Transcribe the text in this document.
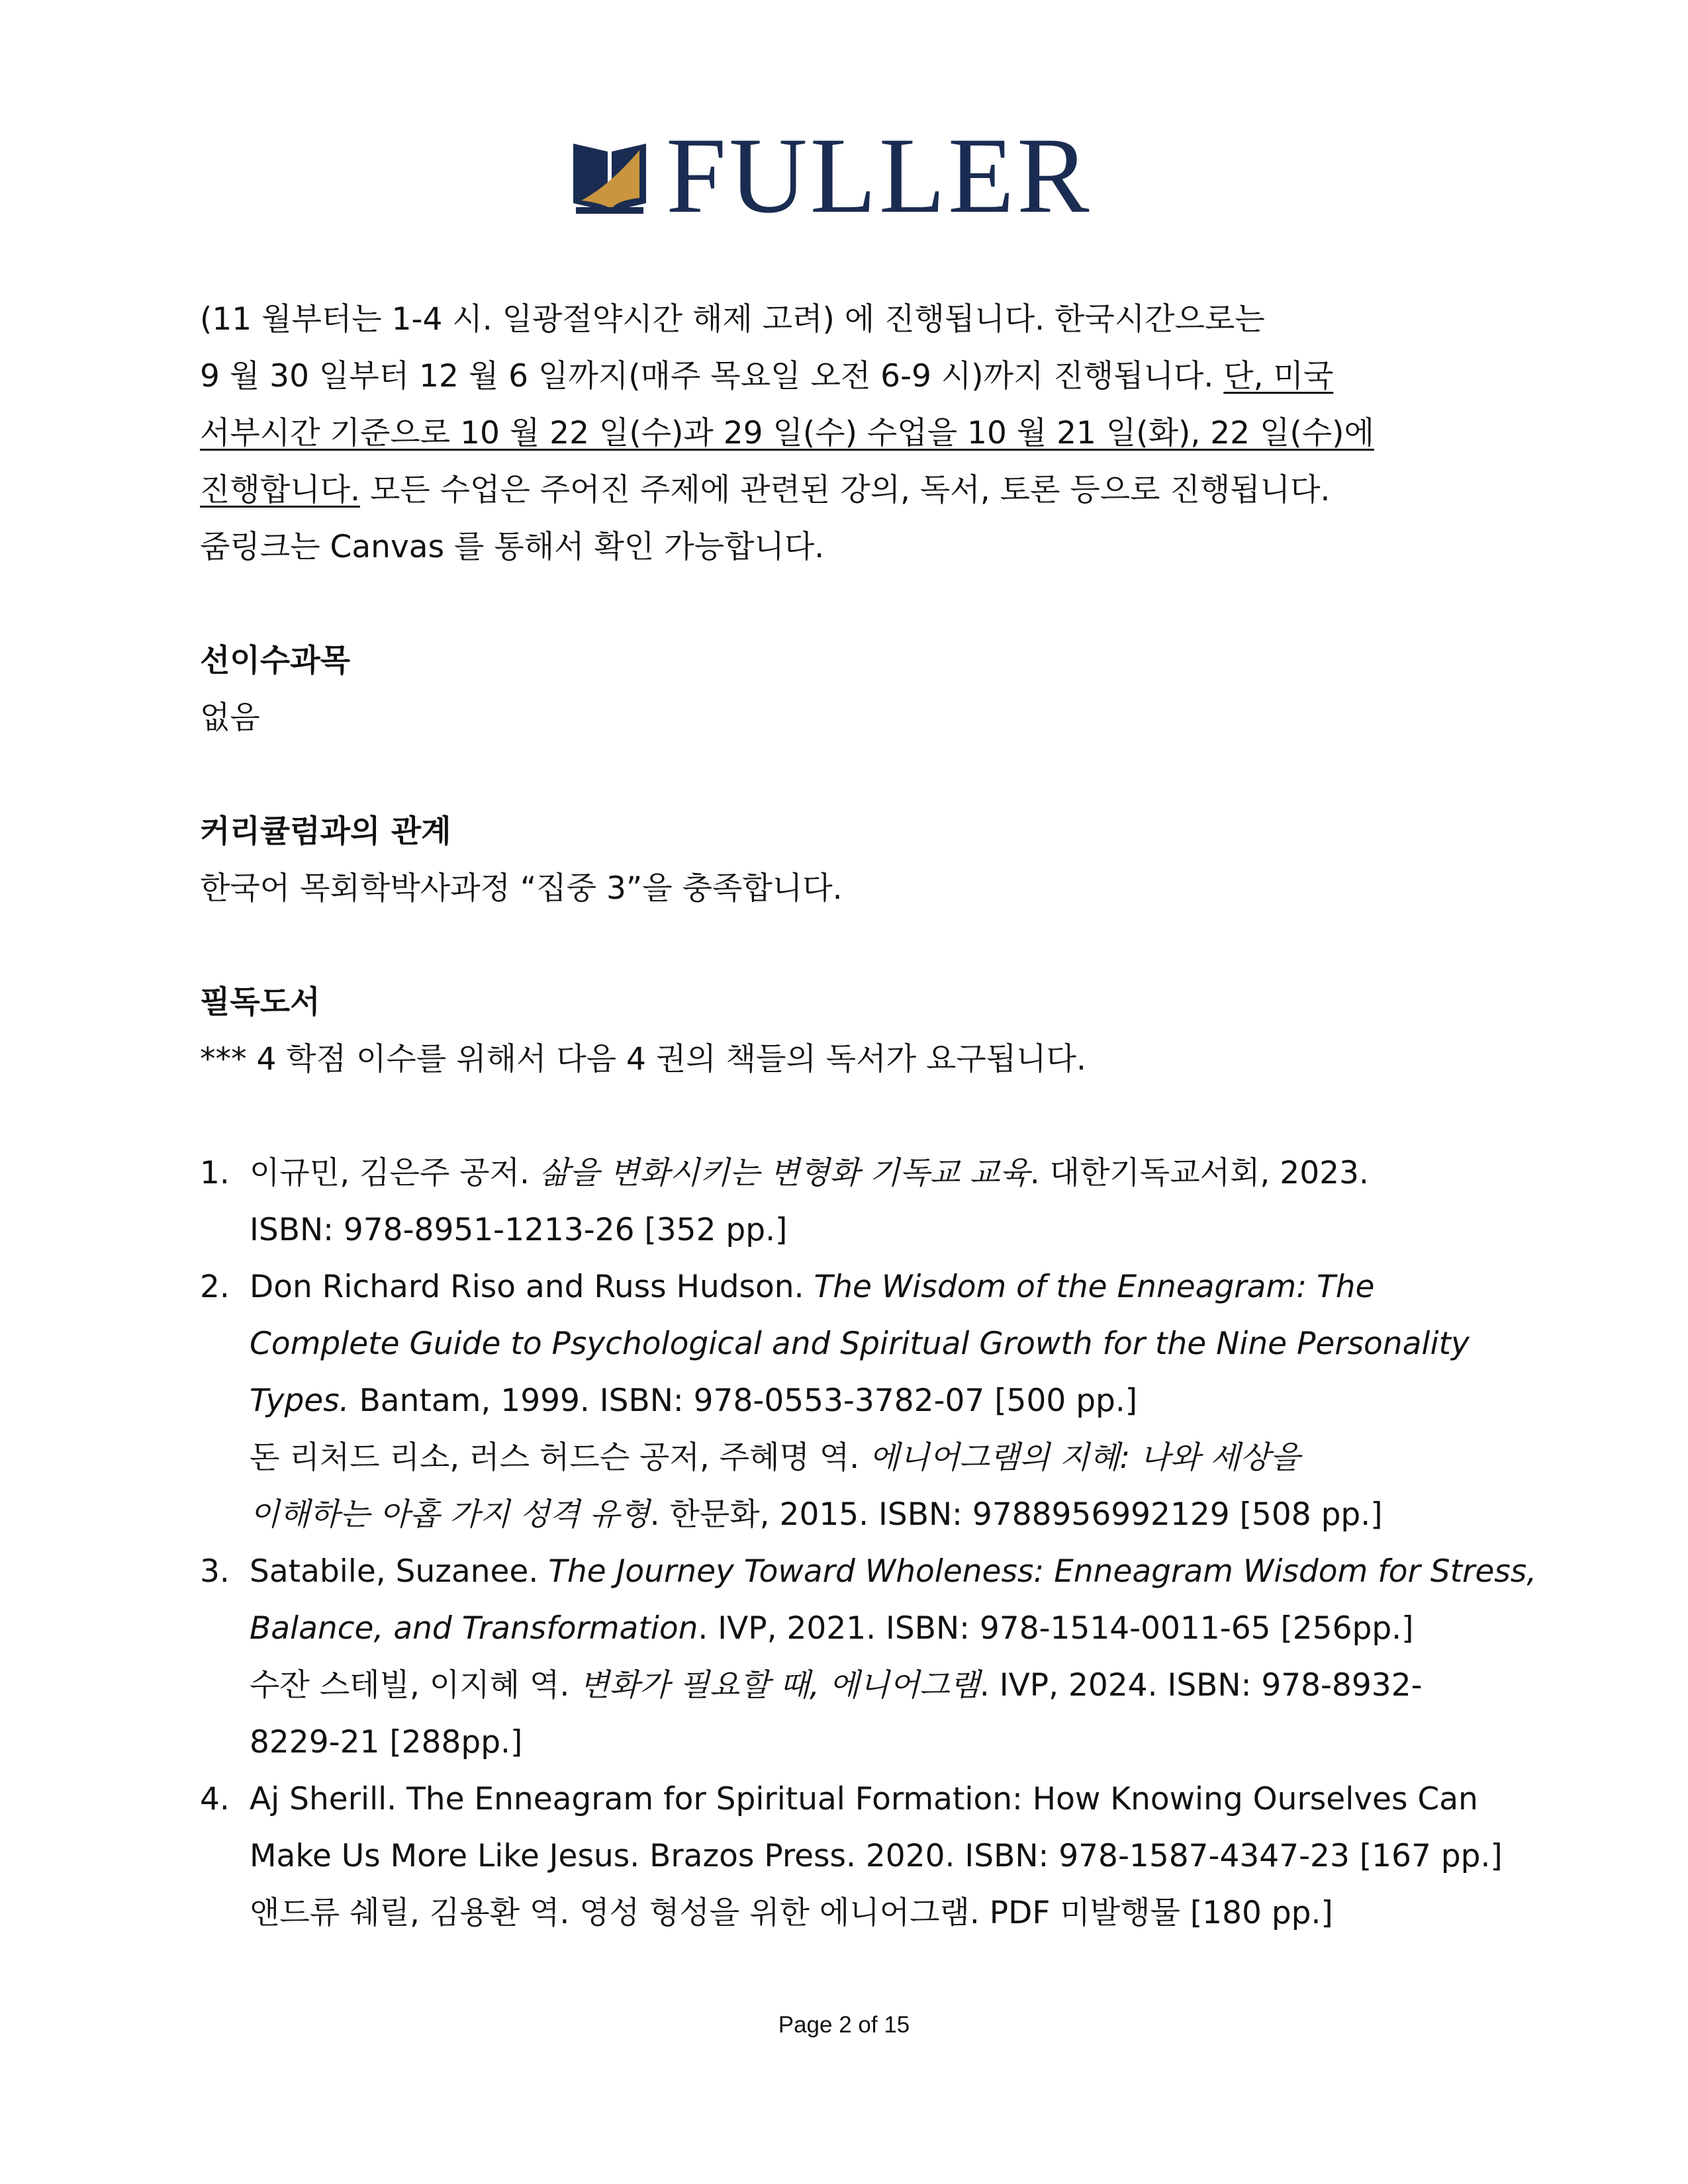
FULLER

(11 월부터는 1-4 시. 일광절약시간 해제 고려) 에 진행됩니다. 한국시간으로는

9 월 30 일부터 12 월 6 일까지(매주 목요일 오전 6-9 시)까지 진행됩니다. 단, 미국

서부시간 기준으로 10 월 22 일(수)과 29 일(수) 수업을 10 월 21 일(화), 22 일(수)에

진행합니다. 모든 수업은 주어진 주제에 관련된 강의, 독서, 토론 등으로 진행됩니다.

줌링크는 Canvas 를 통해서 확인 가능합니다.

선이수과목

없음

커리큘럼과의 관계

한국어 목회학박사과정 “집중 3”을 충족합니다.

필독도서

*** 4 학점 이수를 위해서 다음 4 권의 책들의 독서가 요구됩니다.

1. 이규민, 김은주 공저. 삶을 변화시키는 변형화 기독교 교육. 대한기독교서회, 2023.
ISBN: 978-8951-1213-26 [352 pp.]
2. Don Richard Riso and Russ Hudson. The Wisdom of the Enneagram: The
Complete Guide to Psychological and Spiritual Growth for the Nine Personality
Types. Bantam, 1999. ISBN: 978-0553-3782-07 [500 pp.]
돈 리처드 리소, 러스 허드슨 공저, 주혜명 역. 에니어그램의 지혜: 나와 세상을
이해하는 아홉 가지 성격 유형. 한문화, 2015. ISBN: 9788956992129 [508 pp.]
3. Satabile, Suzanee. The Journey Toward Wholeness: Enneagram Wisdom for Stress,
Balance, and Transformation. IVP, 2021. ISBN: 978-1514-0011-65 [256pp.]
수잔 스테빌, 이지혜 역. 변화가 필요할 때, 에니어그램. IVP, 2024. ISBN: 978-8932-
8229-21 [288pp.]
4. Aj Sherill. The Enneagram for Spiritual Formation: How Knowing Ourselves Can
Make Us More Like Jesus. Brazos Press. 2020. ISBN: 978-1587-4347-23 [167 pp.]
앤드류 쉐릴, 김용환 역. 영성 형성을 위한 에니어그램. PDF 미발행물 [180 pp.]
Page 2 of 15
